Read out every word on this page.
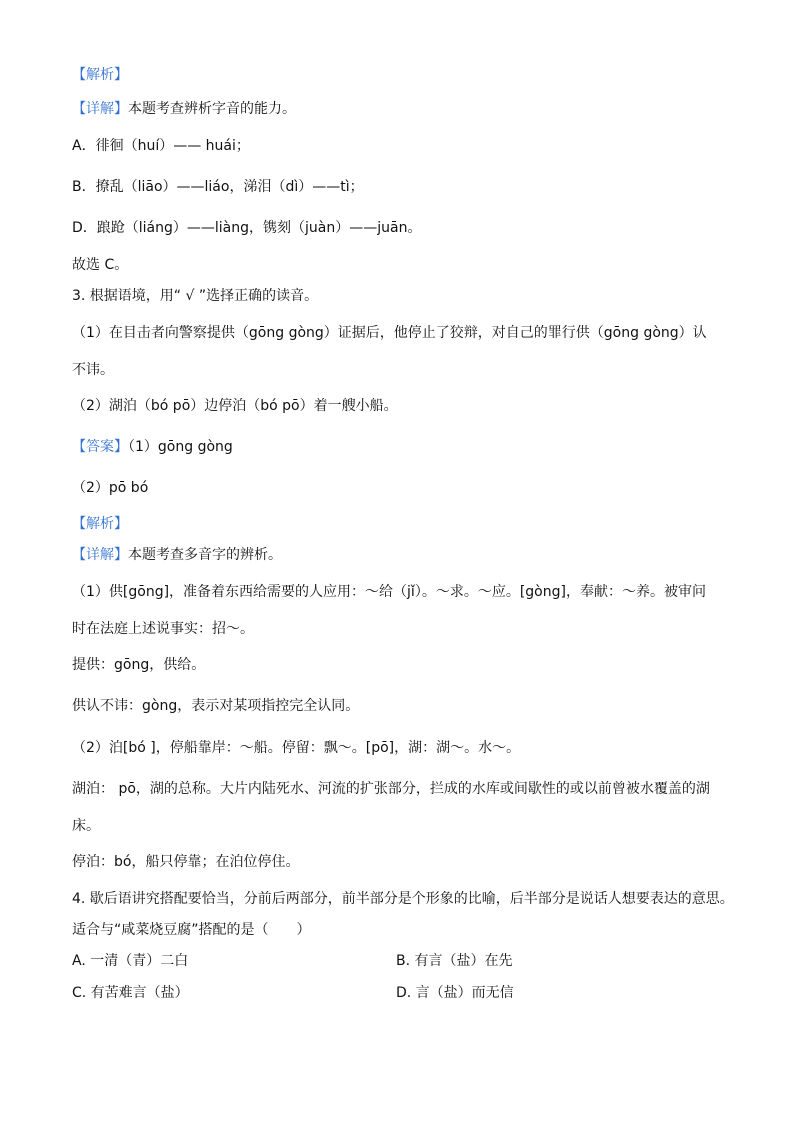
【解析】
【详解】本题考查辨析字音的能力。
A．徘徊（huí）—— huái；
B．撩乱（liāo）——liáo，涕泪（dì）——tì；
D．踉跄（liáng）——liàng，镌刻（juàn）——juān。
故选 C。
3. 根据语境，用“ √ ”选择正确的读音。
（1）在目击者向警察提供（gōng gòng）证据后，他停止了狡辩，对自己的罪行供（gōng gòng）认
不讳。
（2）湖泊（bó pō）边停泊（bó pō）着一艘小船。
【答案】（1）gōng gòng
（2）pō bó
【解析】
【详解】本题考查多音字的辨析。
（1）供[gōng]，准备着东西给需要的人应用：～给（jǐ）。～求。～应。[gòng]，奉献：～养。被审问
时在法庭上述说事实：招～。
提供：gōng，供给。
供认不讳：gòng，表示对某项指控完全认同。
（2）泊[bó ]，停船靠岸：～船。停留：飘～。[pō]，湖：湖～。水～。
湖泊： pō，湖的总称。大片内陆死水、河流的扩张部分，拦成的水库或间歇性的或以前曾被水覆盖的湖
床。
停泊：bó，船只停靠；在泊位停住。
4. 歇后语讲究搭配要恰当，分前后两部分，前半部分是个形象的比喻，后半部分是说话人想要表达的意思。
适合与“咸菜烧豆腐”搭配的是（　　）
A. 一清（青）二白	B. 有言（盐）在先
C. 有苦难言（盐）	D. 言（盐）而无信
